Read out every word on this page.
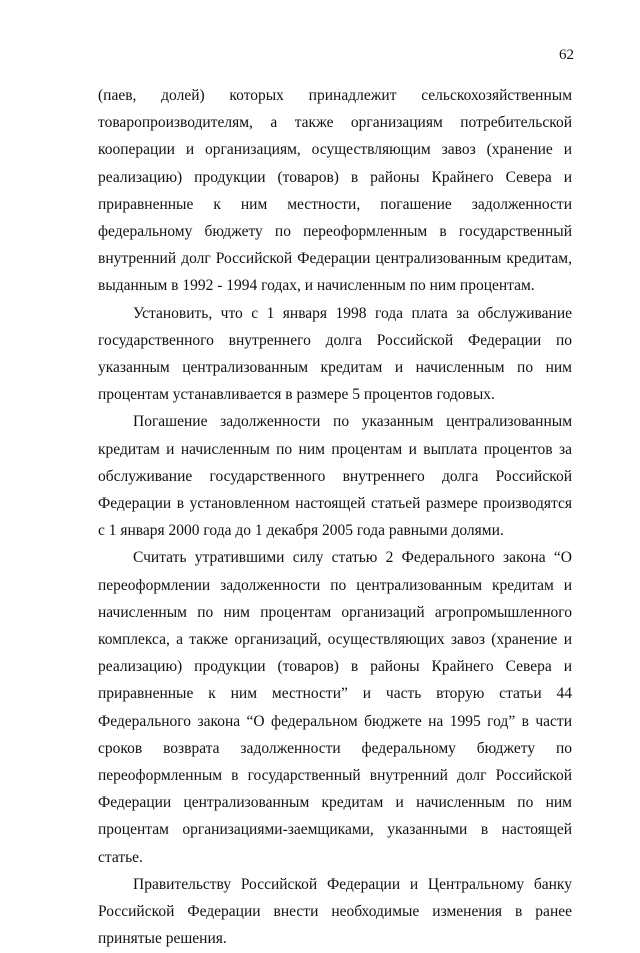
62

(паев, долей) которых принадлежит сельскохозяйственным товаропроизводителям, а также организациям потребительской кооперации и организациям, осуществляющим завоз (хранение и реализацию) продукции (товаров) в районы Крайнего Севера и приравненные к ним местности, погашение задолженности федеральному бюджету по переоформленным в государственный внутренний долг Российской Федерации централизованным кредитам, выданным в 1992 - 1994 годах, и начисленным по ним процентам.

Установить, что с 1 января 1998 года плата за обслуживание государственного внутреннего долга Российской Федерации по указанным централизованным кредитам и начисленным по ним процентам устанавливается в размере 5 процентов годовых.

Погашение задолженности по указанным централизованным кредитам и начисленным по ним процентам и выплата процентов за обслуживание государственного внутреннего долга Российской Федерации в установленном настоящей статьей размере производятся с 1 января 2000 года до 1 декабря 2005 года равными долями.

Считать утратившими силу статью 2 Федерального закона “О переоформлении задолженности по централизованным кредитам и начисленным по ним процентам организаций агропромышленного комплекса, а также организаций, осуществляющих завоз (хранение и реализацию) продукции (товаров) в районы Крайнего Севера и приравненные к ним местности” и часть вторую статьи 44 Федерального закона “О федеральном бюджете на 1995 год” в части сроков возврата задолженности федеральному бюджету по переоформленным в государственный внутренний долг Российской Федерации централизованным кредитам и начисленным по ним процентам организациями-заемщиками, указанными в настоящей статье.

Правительству Российской Федерации и Центральному банку Российской Федерации внести необходимые изменения в ранее принятые решения.
